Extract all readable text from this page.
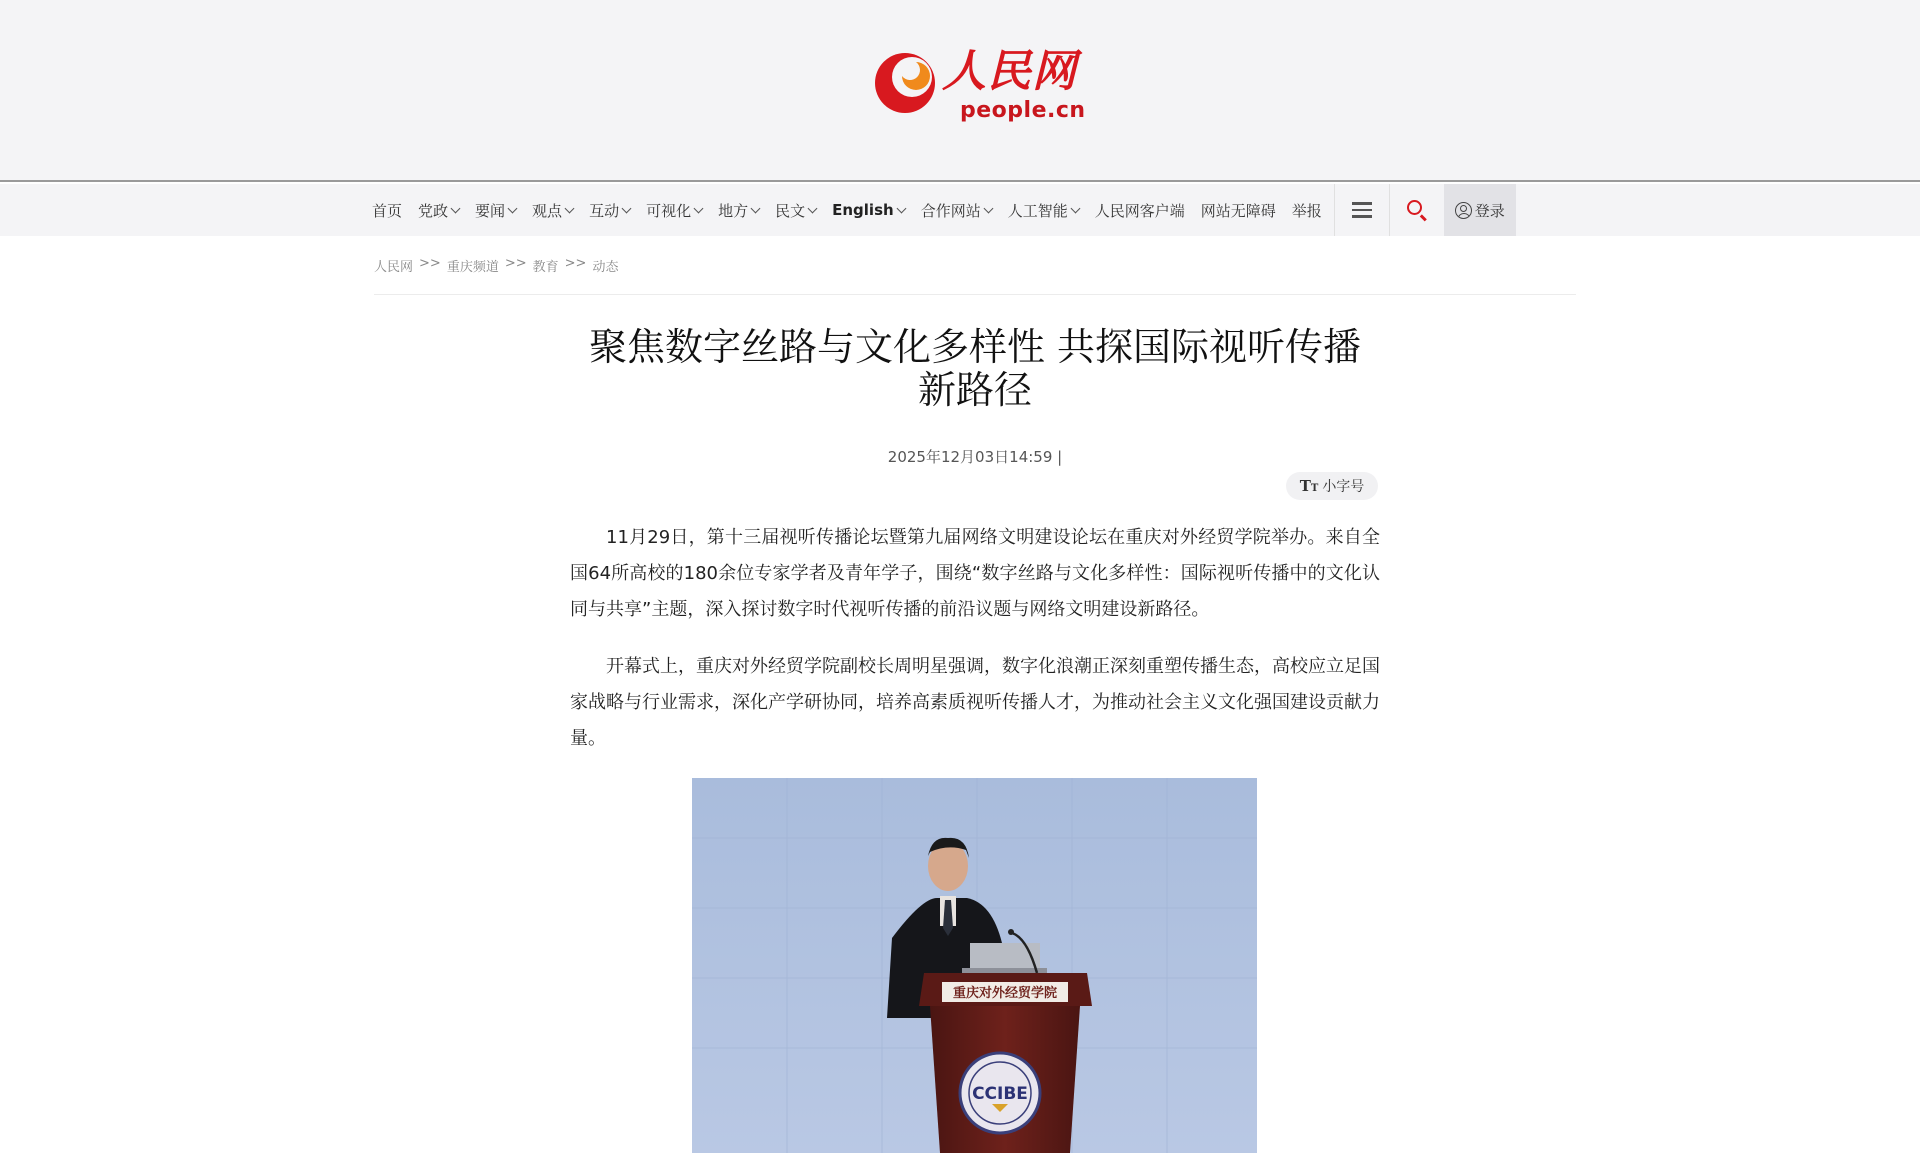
人民网
people.cn
首页 党政 要闻 观点 互动 可视化 地方 民文 English 合作网站 人工智能 人民网客户端 网站无障碍 举报	登录
人民网 >> 重庆频道 >> 教育 >> 动态
聚焦数字丝路与文化多样性 共探国际视听传播新路径
2025年12月03日14:59 |
TT 小字号

11月29日，第十三届视听传播论坛暨第九届网络文明建设论坛在重庆对外经贸学院举办。来自全国64所高校的180余位专家学者及青年学子，围绕“数字丝路与文化多样性：国际视听传播中的文化认同与共享”主题，深入探讨数字时代视听传播的前沿议题与网络文明建设新路径。

开幕式上，重庆对外经贸学院副校长周明星强调，数字化浪潮正深刻重塑传播生态，高校应立足国家战略与行业需求，深化产学研协同，培养高素质视听传播人才，为推动社会主义文化强国建设贡献力量。

重庆对外经贸学院
CCIBE
